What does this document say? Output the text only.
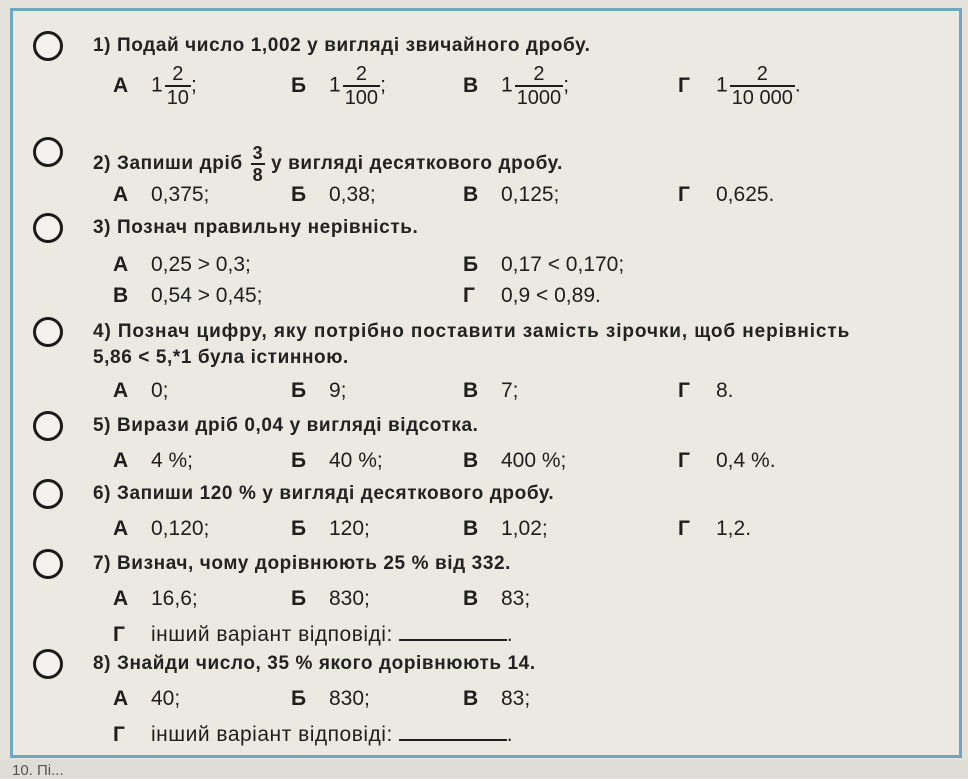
1) Подай число 1,002 у вигляді звичайного дробу.
А $1 \frac{2}{10}$ ;	Б $1 \frac{2}{100}$ ;	В $1 \frac{2}{1000}$ ;	Г $1 \frac{2}{10 000}$ .
2) Запиши дріб $\frac{3}{8}$ у вигляді десяткового дробу.
А 0,375;	Б 0,38;	В 0,125;	Г 0,625.
3) Познач правильну нерівність.
А 0,25 > 0,3;	Б 0,17 < 0,170;
В 0,54 > 0,45;	Г 0,9 < 0,89.
4) Познач цифру, яку потрібно поставити замість зірочки, щоб нерівність
5,86 < 5,*1 була істинною.
А 0;	Б 9;	В 7;	Г 8.
5) Вирази дріб 0,04 у вигляді відсотка.
А 4 %;	Б 40 %;	В 400 %;	Г 0,4 %.
6) Запиши 120 % у вигляді десяткового дробу.
А 0,120;	Б 120;	В 1,02;	Г 1,2.
7) Визнач, чому дорівнюють 25 % від 332.
А 16,6;	Б 830;	В 83;
Г інший варіант відповіді:	.
8) Знайди число, 35 % якого дорівнюють 14.
А 40;	Б 830;	В 83;
Г інший варіант відповіді:	.
10. Пі...
